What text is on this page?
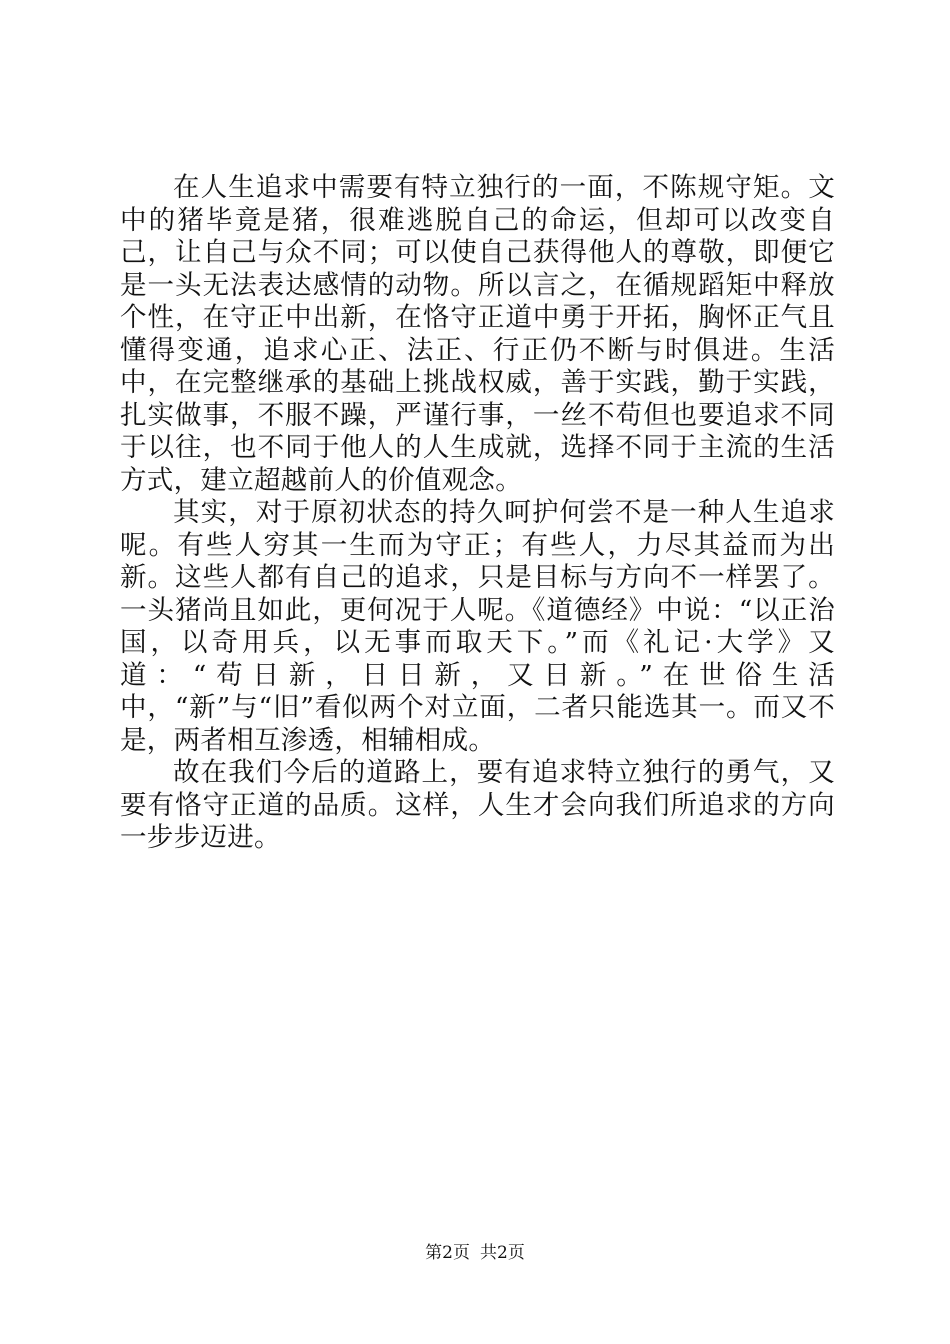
在人生追求中需要有特立独行的一面，不陈规守矩。文中的猪毕竟是猪，很难逃脱自己的命运，但却可以改变自己，让自己与众不同；可以使自己获得他人的尊敬，即便它是一头无法表达感情的动物。所以言之，在循规蹈矩中释放个性，在守正中出新，在恪守正道中勇于开拓，胸怀正气且懂得变通，追求心正、法正、行正仍不断与时俱进。生活中，在完整继承的基础上挑战权威，善于实践，勤于实践，扎实做事，不服不躁，严谨行事，一丝不苟但也要追求不同于以往，也不同于他人的人生成就，选择不同于主流的生活方式，建立超越前人的价值观念。

其实，对于原初状态的持久呵护何尝不是一种人生追求呢。有些人穷其一生而为守正；有些人，力尽其益而为出新。这些人都有自己的追求，只是目标与方向不一样罢了。一头猪尚且如此，更何况于人呢。《道德经》中说：“以正治国，以奇用兵，以无事而取天下。”而《礼记·大学》又道：“苟日新，日日新，又日新。”在世俗生活中，“新”与“旧”看似两个对立面，二者只能选其一。而又不是，两者相互渗透，相辅相成。

故在我们今后的道路上，要有追求特立独行的勇气，又要有恪守正道的品质。这样，人生才会向我们所追求的方向一步步迈进。

第2页 共2页
